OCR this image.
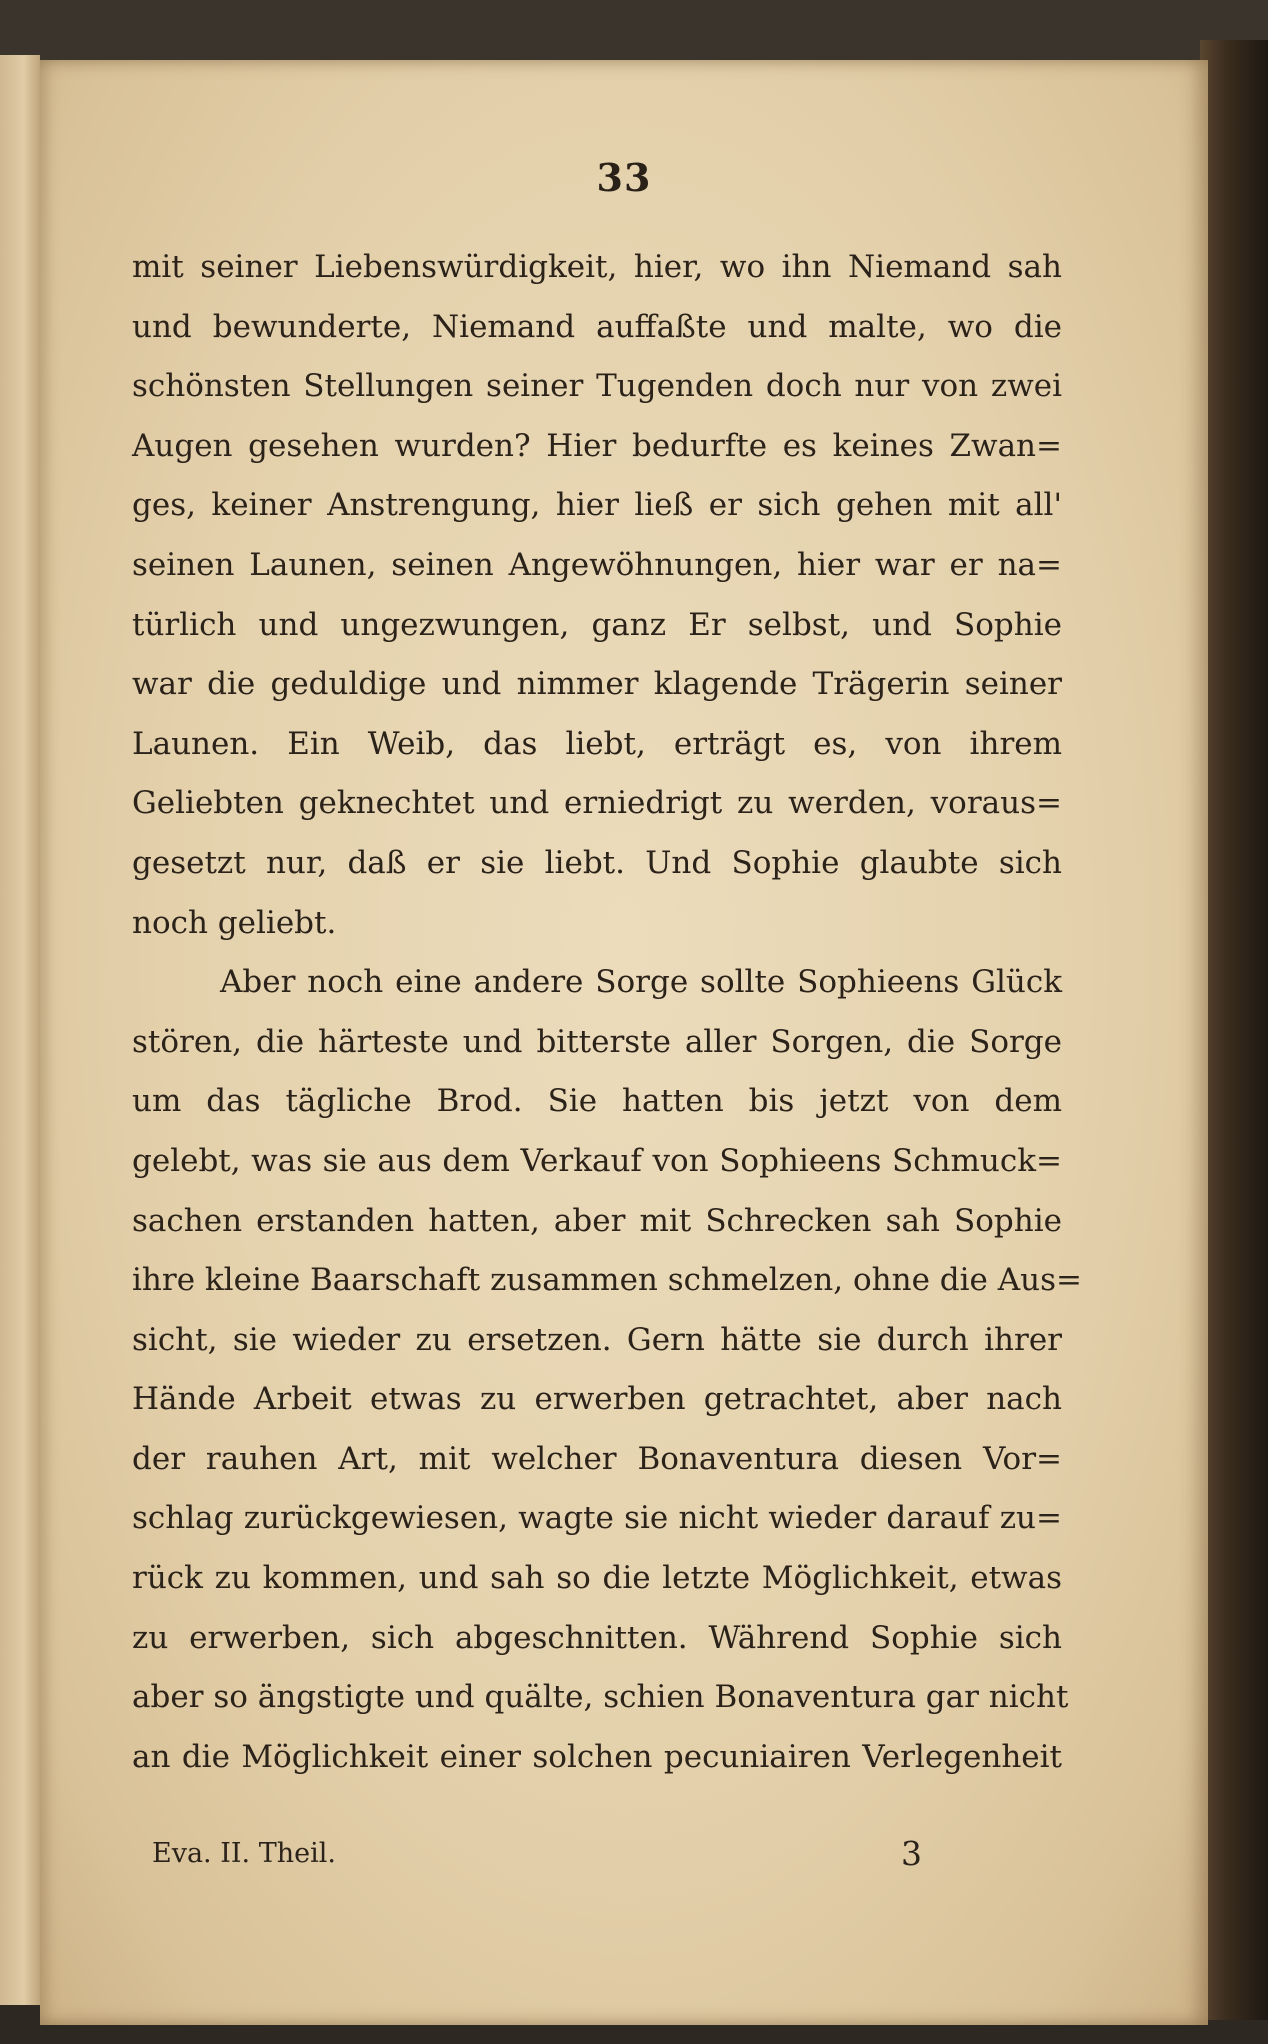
33
mit seiner Liebenswürdigkeit, hier, wo ihn Niemand sah
und bewunderte, Niemand auffaßte und malte, wo die
schönsten Stellungen seiner Tugenden doch nur von zwei
Augen gesehen wurden? Hier bedurfte es keines Zwan=
ges, keiner Anstrengung, hier ließ er sich gehen mit all'
seinen Launen, seinen Angewöhnungen, hier war er na=
türlich und ungezwungen, ganz Er selbst, und Sophie
war die geduldige und nimmer klagende Trägerin seiner
Launen. Ein Weib, das liebt, erträgt es, von ihrem
Geliebten geknechtet und erniedrigt zu werden, voraus=
gesetzt nur, daß er sie liebt. Und Sophie glaubte sich
noch geliebt.
Aber noch eine andere Sorge sollte Sophieens Glück
stören, die härteste und bitterste aller Sorgen, die Sorge
um das tägliche Brod. Sie hatten bis jetzt von dem
gelebt, was sie aus dem Verkauf von Sophieens Schmuck=
sachen erstanden hatten, aber mit Schrecken sah Sophie
ihre kleine Baarschaft zusammen schmelzen, ohne die Aus=
sicht, sie wieder zu ersetzen. Gern hätte sie durch ihrer
Hände Arbeit etwas zu erwerben getrachtet, aber nach
der rauhen Art, mit welcher Bonaventura diesen Vor=
schlag zurückgewiesen, wagte sie nicht wieder darauf zu=
rück zu kommen, und sah so die letzte Möglichkeit, etwas
zu erwerben, sich abgeschnitten. Während Sophie sich
aber so ängstigte und quälte, schien Bonaventura gar nicht
an die Möglichkeit einer solchen pecuniairen Verlegenheit
Eva. II. Theil.	3
